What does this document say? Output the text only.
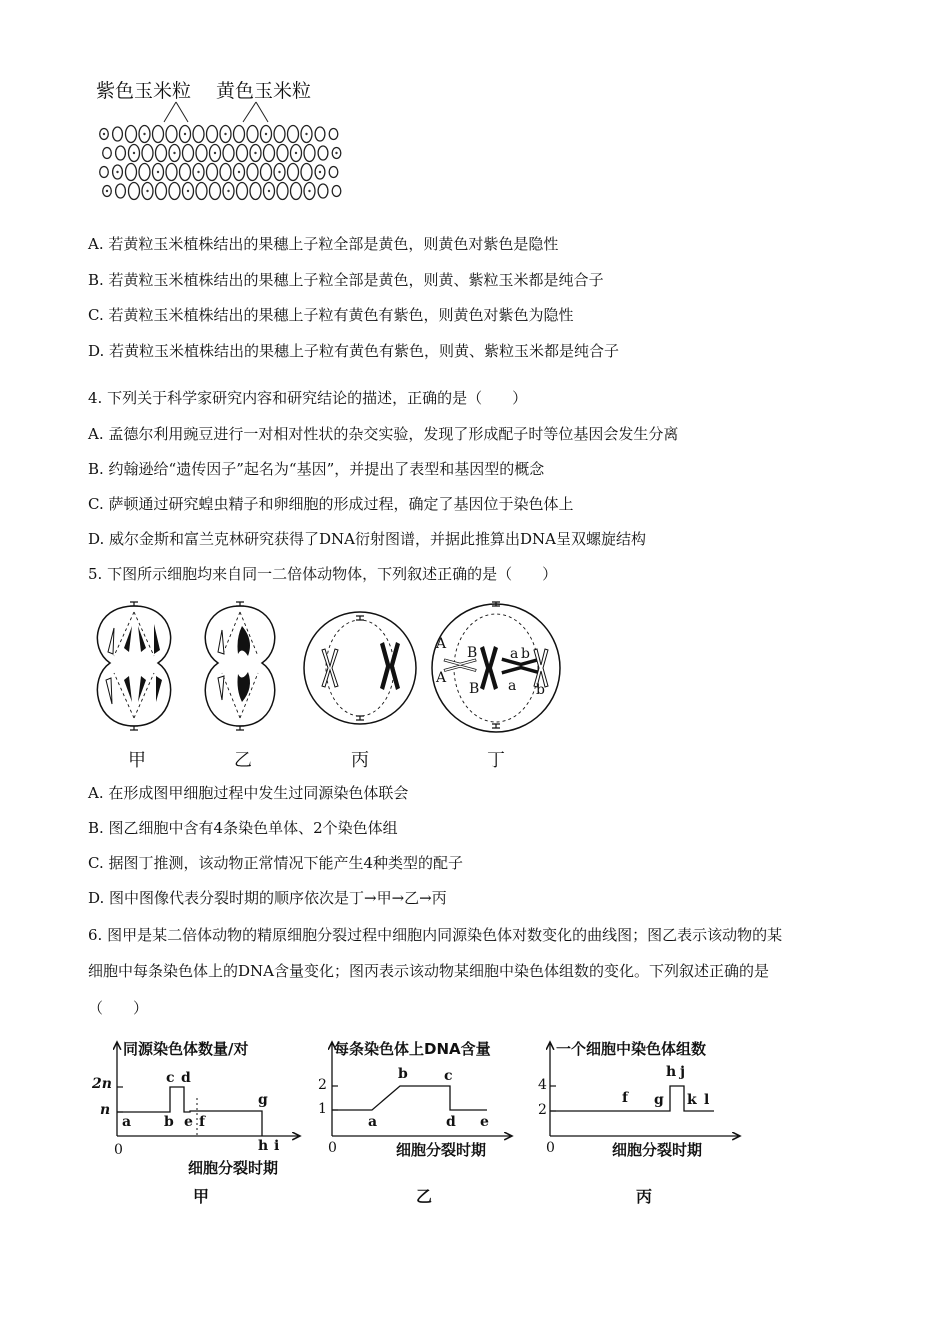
紫色玉米粒 黄色玉米粒
A. 若黄粒玉米植株结出的果穗上子粒全部是黄色，则黄色对紫色是隐性
B. 若黄粒玉米植株结出的果穗上子粒全部是黄色，则黄、紫粒玉米都是纯合子
C. 若黄粒玉米植株结出的果穗上子粒有黄色有紫色，则黄色对紫色为隐性
D. 若黄粒玉米植株结出的果穗上子粒有黄色有紫色，则黄、紫粒玉米都是纯合子
4. 下列关于科学家研究内容和研究结论的描述，正确的是（　　）
A. 孟德尔利用豌豆进行一对相对性状的杂交实验，发现了形成配子时等位基因会发生分离
B. 约翰逊给“遗传因子”起名为“基因”，并提出了表型和基因型的概念
C. 萨顿通过研究蝗虫精子和卵细胞的形成过程，确定了基因位于染色体上
D. 威尔金斯和富兰克林研究获得了DNA衍射图谱，并据此推算出DNA呈双螺旋结构
5. 下图所示细胞均来自同一二倍体动物体，下列叙述正确的是（　　）
A
A
B
B
a b
a b
甲	乙	丙	丁
A. 在形成图甲细胞过程中发生过同源染色体联会
B. 图乙细胞中含有4条染色单体、2个染色体组
C. 据图丁推测，该动物正常情况下能产生4种类型的配子
D. 图中图像代表分裂时期的顺序依次是丁→甲→乙→丙
6. 图甲是某二倍体动物的精原细胞分裂过程中细胞内同源染色体对数变化的曲线图；图乙表示该动物的某
细胞中每条染色体上的DNA含量变化；图丙表示该动物某细胞中染色体组数的变化。下列叙述正确的是
（　　）
同源染色体数量/对
2n
n
0
a b
c d
e f
g
h i
细胞分裂时期
甲
每条染色体上DNA含量
2
1
0
a
b	c
d e
细胞分裂时期
乙
一个细胞中染色体组数
4
2
0
f g
h j
k l
细胞分裂时期
丙
